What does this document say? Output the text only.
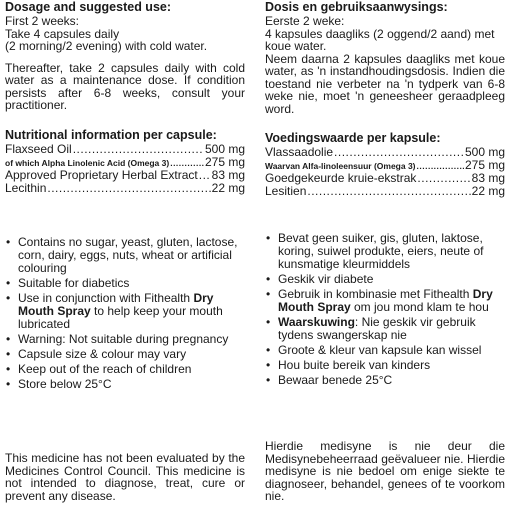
Dosage and suggested use:

First 2 weeks:

Take 4 capsules daily

(2 morning/2 evening) with cold water.

Thereafter, take 2 capsules daily with cold water as a maintenance dose. If condition persists after 6-8 weeks, consult your practitioner.

Nutritional information per capsule:

Flaxseed Oil .....	500 mg
of which Alpha Linolenic Acid (Omega 3) .....	275 mg
Approved Proprietary Herbal Extract ..... 83 mg
Lecithin .....	22 mg
• Contains no sugar, yeast, gluten, lactose, corn, dairy, eggs, nuts, wheat or artificial colouring
• Suitable for diabetics
• Use in conjunction with Fithealth Dry Mouth Spray to help keep your mouth lubricated
• Warning: Not suitable during pregnancy
• Capsule size & colour may vary
• Keep out of the reach of children
• Store below 25°C

This medicine has not been evaluated by the Medicines Control Council. This medicine is not intended to diagnose, treat, cure or prevent any disease.

Dosis en gebruiksaanwysings:

Eerste 2 weke:

4 kapsules daagliks (2 oggend/2 aand) met koue water.

Neem daarna 2 kapsules daagliks met koue water, as 'n instandhoudingsdosis. Indien die toestand nie verbeter na 'n tydperk van 6-8 weke nie, moet 'n geneesheer geraadpleeg word.

Voedingswaarde per kapsule:

Vlassaadolie .....	500 mg
Waarvan Alfa-linoleensuur (Omega 3) .....	275 mg
Goedgekeurde kruie-ekstrak .....	83 mg
Lesitien .....	22 mg
• Bevat geen suiker, gis, gluten, laktose, koring, suiwel produkte, eiers, neute of kunsmatige kleurmiddels
• Geskik vir diabete
• Gebruik in kombinasie met Fithealth Dry Mouth Spray om jou mond klam te hou
• Waarskuwing: Nie geskik vir gebruik tydens swangerskap nie
• Groote & kleur van kapsule kan wissel
• Hou buite bereik van kinders
• Bewaar benede 25°C

Hierdie medisyne is nie deur die Medisynebeheerraad geëvalueer nie. Hierdie medisyne is nie bedoel om enige siekte te diagnoseer, behandel, genees of te voorkom nie.
